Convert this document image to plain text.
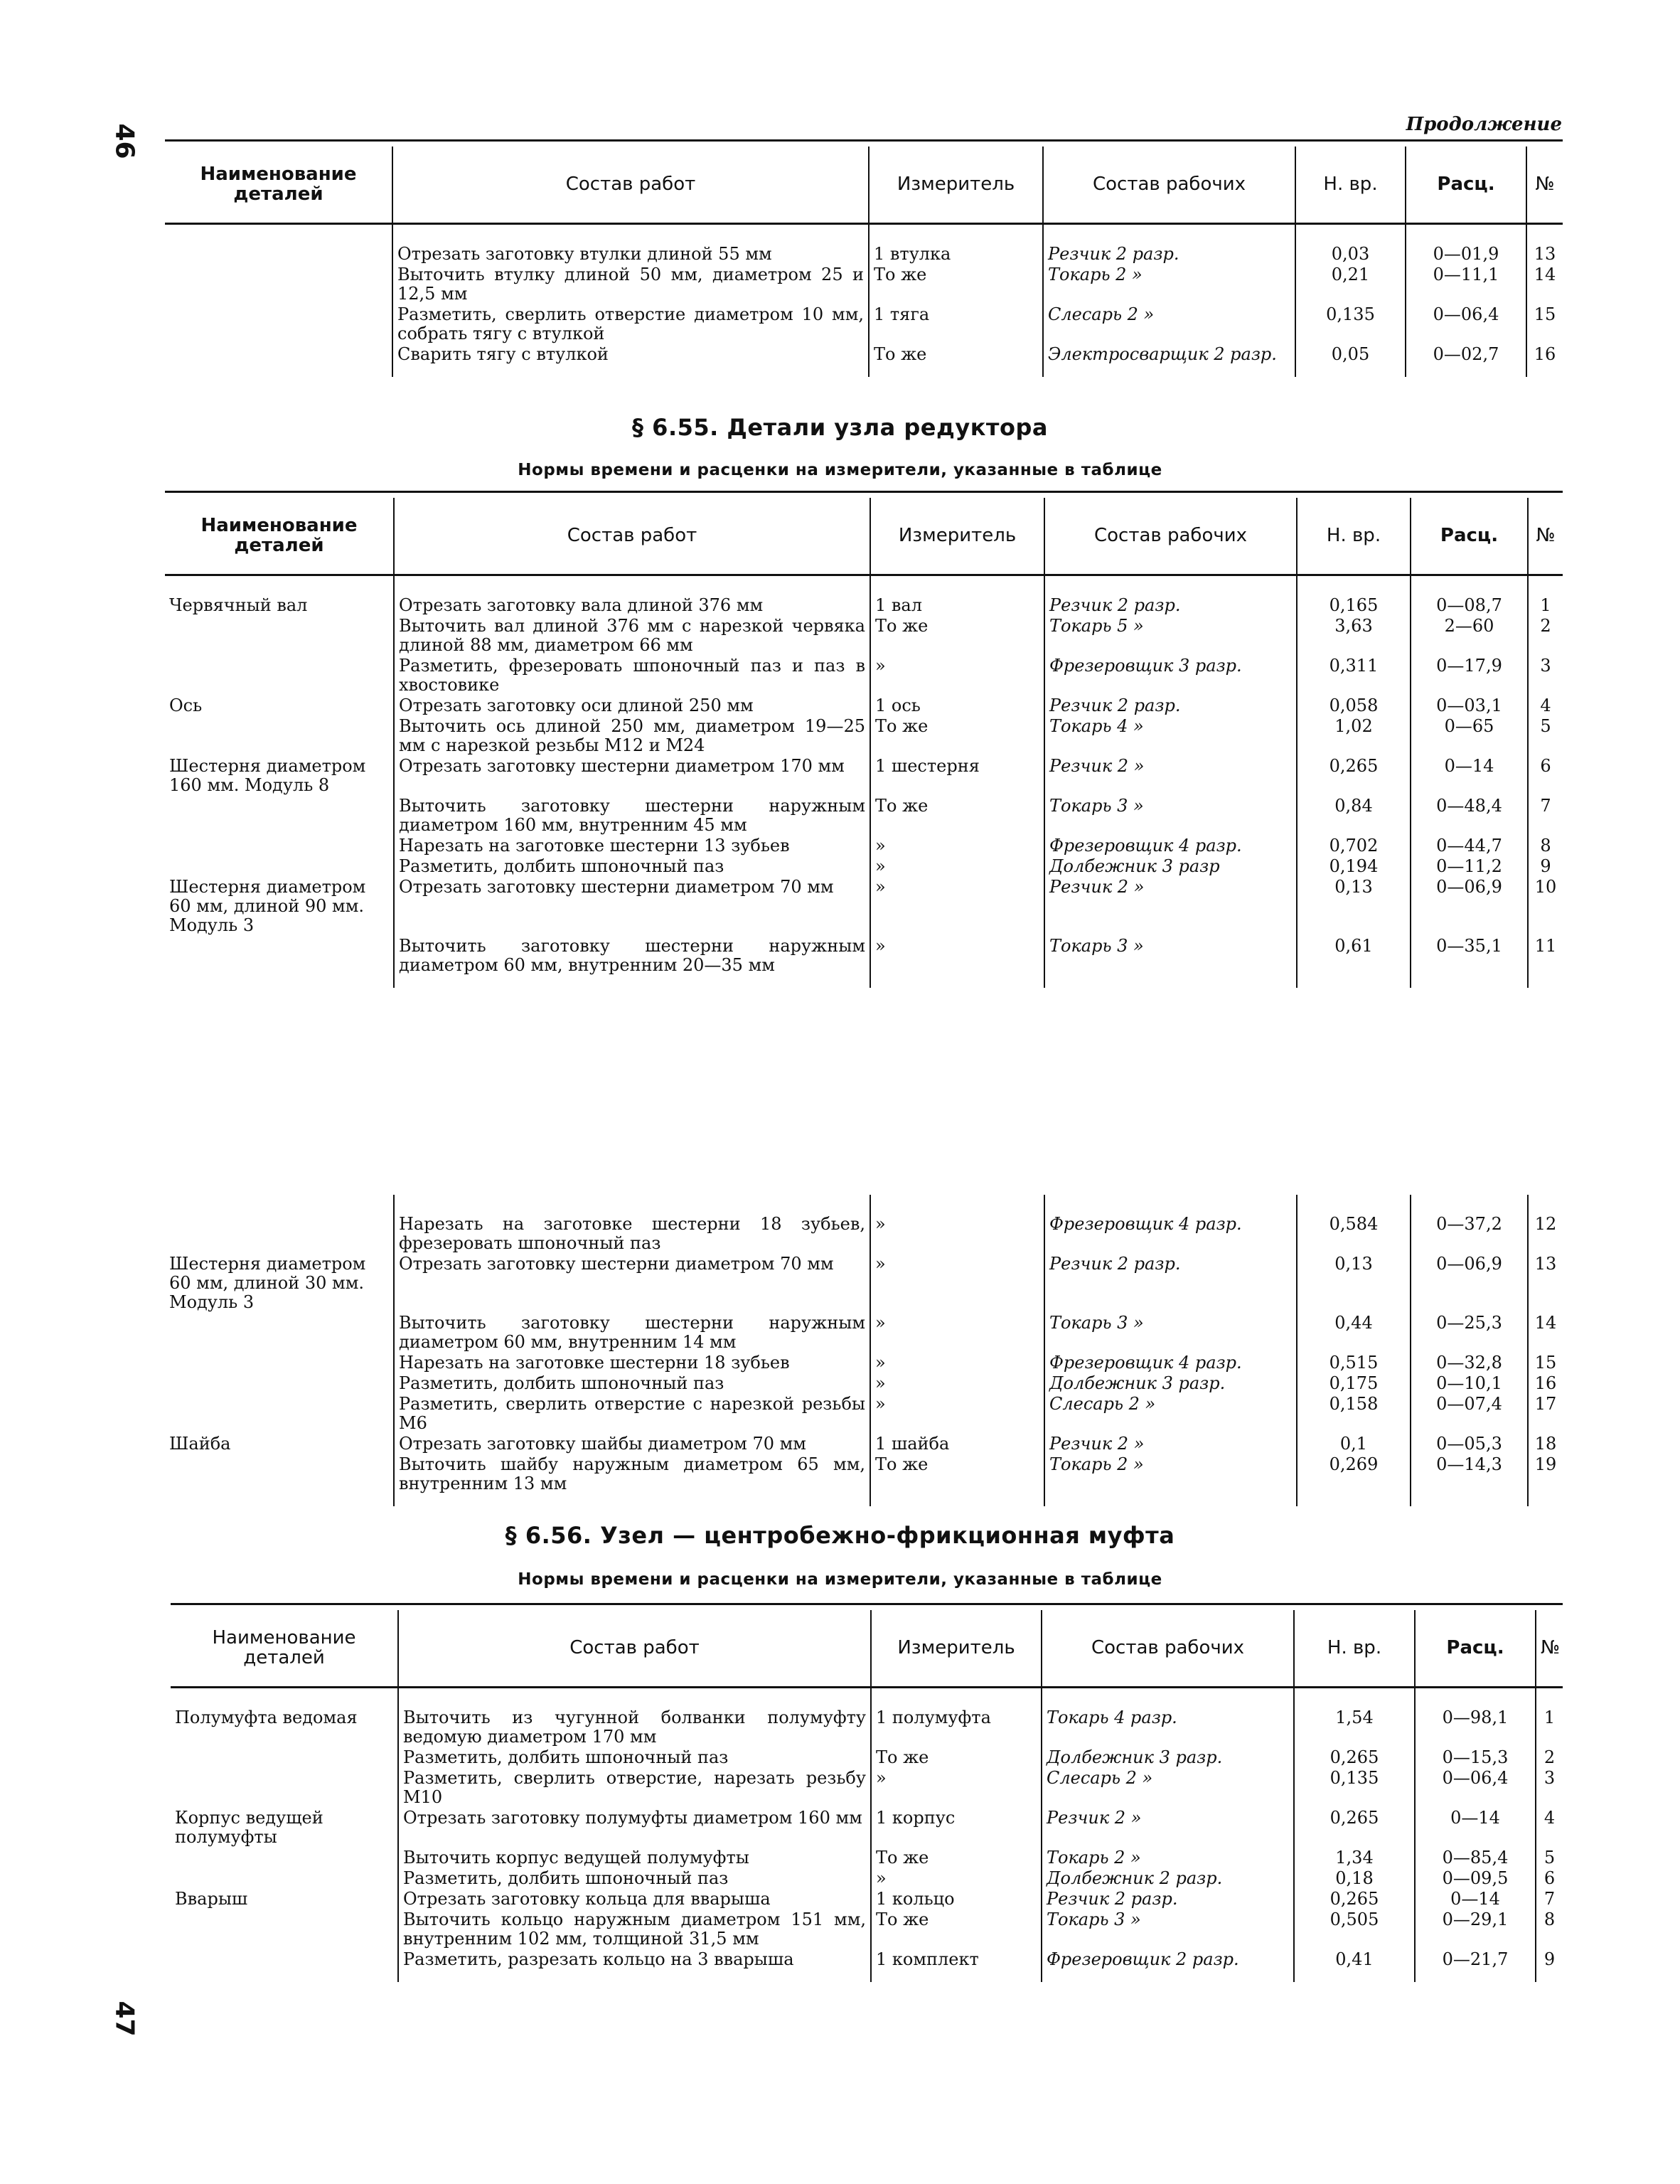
46
47
Продолжение
Наименование деталей	Состав работ	Измеритель	Состав рабочих	Н. вр.	Расц.	№

	Отрезать заготовку втулки длиной 55 мм	1 втулка	Резчик 2 разр.	0,03	0—01,9	13
	Выточить втулку длиной 50 мм, диаметром 25 и 12,5 мм	То же	Токарь 2 »	0,21	0—11,1	14
	Разметить, сверлить отверстие диаметром 10 мм, собрать тягу с втулкой	1 тяга	Слесарь 2 »	0,135	0—06,4	15
	Сварить тягу с втулкой	То же	Электросварщик 2 разр.	0,05	0—02,7	16

§ 6.55. Детали узла редуктора
Нормы времени и расценки на измерители, указанные в таблице
Наименование деталей	Состав работ	Измеритель	Состав рабочих	Н. вр.	Расц.	№

Червячный вал	Отрезать заготовку вала длиной 376 мм	1 вал	Резчик 2 разр.	0,165	0—08,7	1
	Выточить вал длиной 376 мм с нарезкой червяка длиной 88 мм, диаметром 66 мм	То же	Токарь 5 »	3,63	2—60	2
	Разметить, фрезеровать шпоночный паз и паз в хвостовике	»	Фрезеровщик 3 разр.	0,311	0—17,9	3
Ось	Отрезать заготовку оси длиной 250 мм	1 ось	Резчик 2 разр.	0,058	0—03,1	4
	Выточить ось длиной 250 мм, диаметром 19—25 мм с нарезкой резьбы М12 и М24	То же	Токарь 4 »	1,02	0—65	5
Шестерня диаметром 160 мм. Модуль 8	Отрезать заготовку шестерни диаметром 170 мм	1 шестерня	Резчик 2 »	0,265	0—14	6
	Выточить заготовку шестерни наружным диаметром 160 мм, внутренним 45 мм	То же	Токарь 3 »	0,84	0—48,4	7
	Нарезать на заготовке шестерни 13 зубьев	»	Фрезеровщик 4 разр.	0,702	0—44,7	8
	Разметить, долбить шпоночный паз	»	Долбежник 3 разр	0,194	0—11,2	9
Шестерня диаметром 60 мм, длиной 90 мм. Модуль 3	Отрезать заготовку шестерни диаметром 70 мм	»	Резчик 2 »	0,13	0—06,9	10
	Выточить заготовку шестерни наружным диаметром 60 мм, внутренним 20—35 мм	»	Токарь 3 »	0,61	0—35,1	11

	Нарезать на заготовке шестерни 18 зубьев, фрезеровать шпоночный паз	»	Фрезеровщик 4 разр.	0,584	0—37,2	12
Шестерня диаметром 60 мм, длиной 30 мм. Модуль 3	Отрезать заготовку шестерни диаметром 70 мм	»	Резчик 2 разр.	0,13	0—06,9	13
	Выточить заготовку шестерни наружным диаметром 60 мм, внутренним 14 мм	»	Токарь 3 »	0,44	0—25,3	14
	Нарезать на заготовке шестерни 18 зубьев	»	Фрезеровщик 4 разр.	0,515	0—32,8	15
	Разметить, долбить шпоночный паз	»	Долбежник 3 разр.	0,175	0—10,1	16
	Разметить, сверлить отверстие с нарезкой резьбы М6	»	Слесарь 2 »	0,158	0—07,4	17
Шайба	Отрезать заготовку шайбы диаметром 70 мм	1 шайба	Резчик 2 »	0,1	0—05,3	18
	Выточить шайбу наружным диаметром 65 мм, внутренним 13 мм	То же	Токарь 2 »	0,269	0—14,3	19

§ 6.56. Узел — центробежно-фрикционная муфта
Нормы времени и расценки на измерители, указанные в таблице
Наименование деталей	Состав работ	Измеритель	Состав рабочих	Н. вр.	Расц.	№

Полумуфта ведомая	Выточить из чугунной болванки полумуфту ведомую диаметром 170 мм	1 полумуфта	Токарь 4 разр.	1,54	0—98,1	1
	Разметить, долбить шпоночный паз	То же	Долбежник 3 разр.	0,265	0—15,3	2
	Разметить, сверлить отверстие, нарезать резьбу М10	»	Слесарь 2 »	0,135	0—06,4	3
Корпус ведущей полумуфты	Отрезать заготовку полумуфты диаметром 160 мм	1 корпус	Резчик 2 »	0,265	0—14	4
	Выточить корпус ведущей полумуфты	То же	Токарь 2 »	1,34	0—85,4	5
	Разметить, долбить шпоночный паз	»	Долбежник 2 разр.	0,18	0—09,5	6
Вварыш	Отрезать заготовку кольца для вварыша	1 кольцо	Резчик 2 разр.	0,265	0—14	7
	Выточить кольцо наружным диаметром 151 мм, внутренним 102 мм, толщиной 31,5 мм	То же	Токарь 3 »	0,505	0—29,1	8
	Разметить, разрезать кольцо на 3 вварыша	1 комплект	Фрезеровщик 2 разр.	0,41	0—21,7	9
